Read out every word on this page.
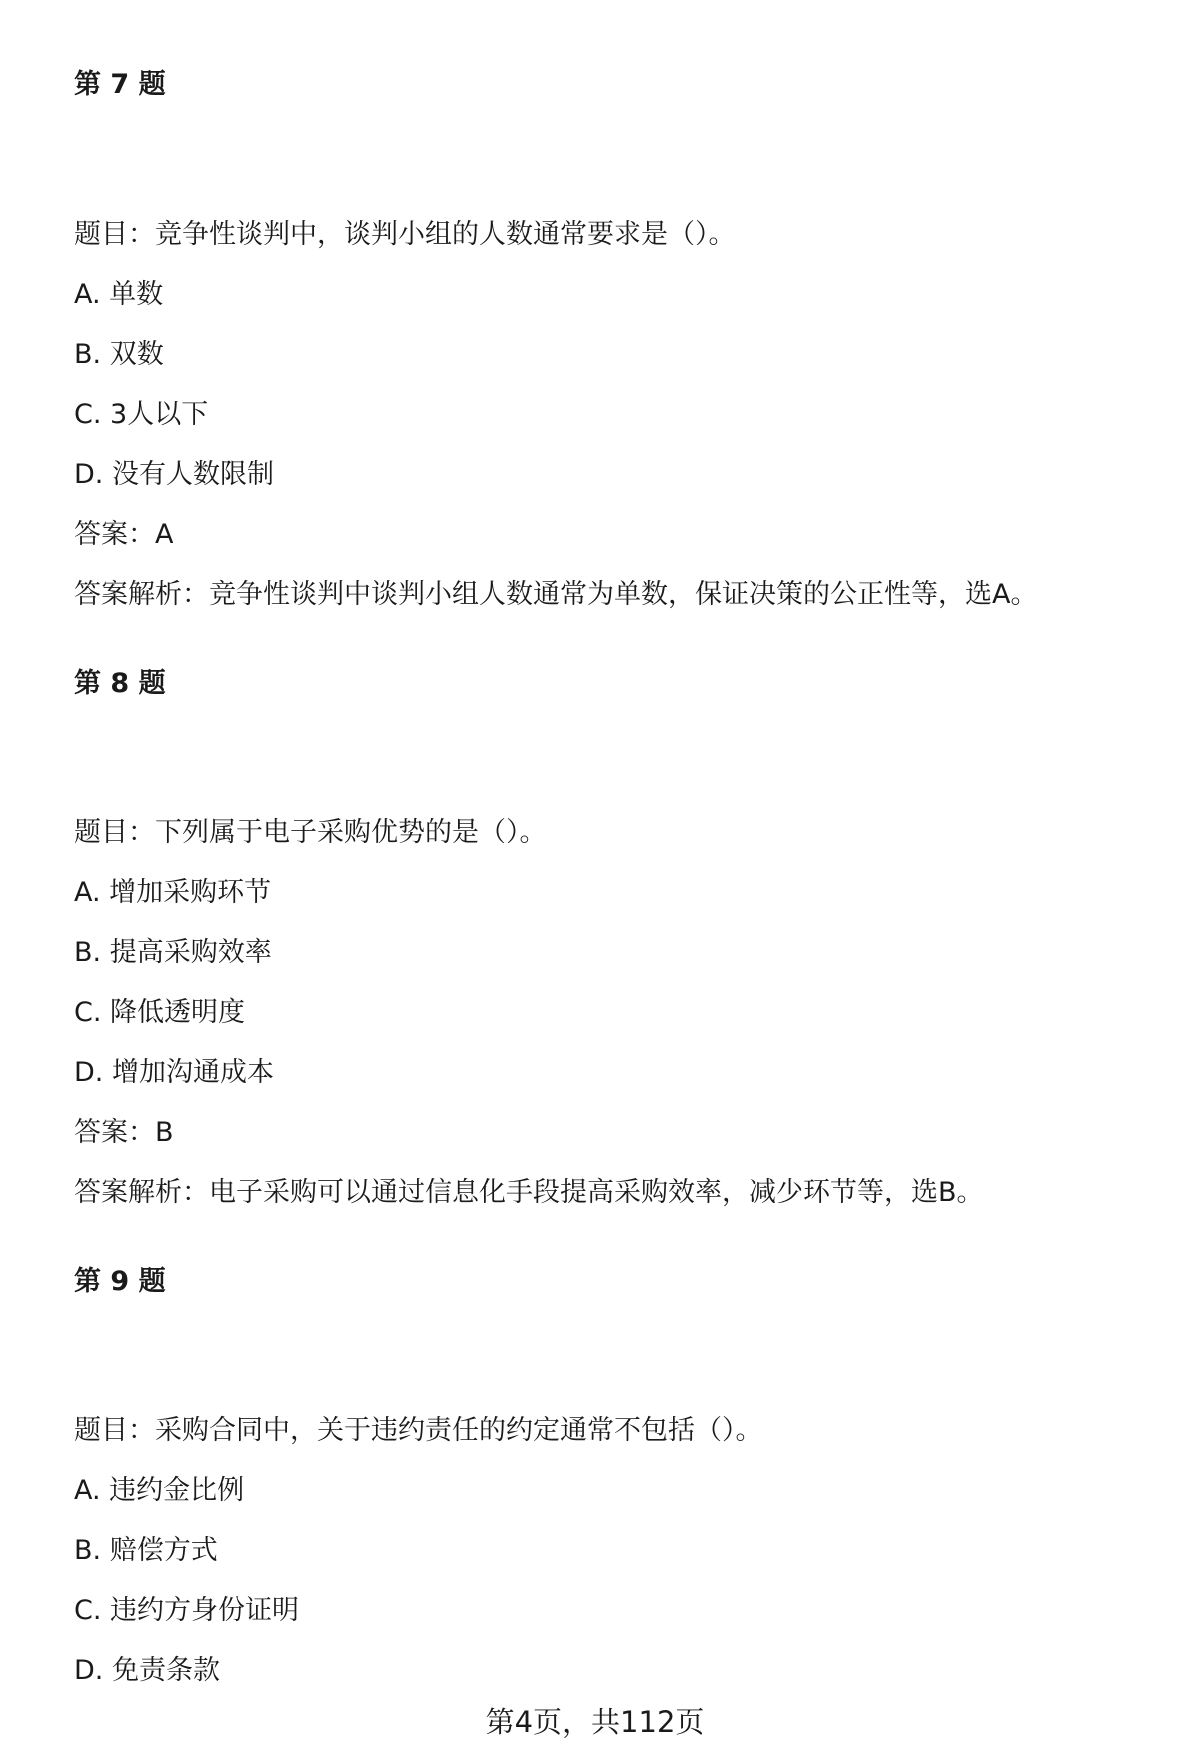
第 7 题
题目：竞争性谈判中，谈判小组的人数通常要求是（）。
A. 单数
B. 双数
C. 3人以下
D. 没有人数限制
答案：A
答案解析：竞争性谈判中谈判小组人数通常为单数，保证决策的公正性等，选A。
第 8 题
题目：下列属于电子采购优势的是（）。
A. 增加采购环节
B. 提高采购效率
C. 降低透明度
D. 增加沟通成本
答案：B
答案解析：电子采购可以通过信息化手段提高采购效率，减少环节等，选B。
第 9 题
题目：采购合同中，关于违约责任的约定通常不包括（）。
A. 违约金比例
B. 赔偿方式
C. 违约方身份证明
D. 免责条款
第4页，共112页
